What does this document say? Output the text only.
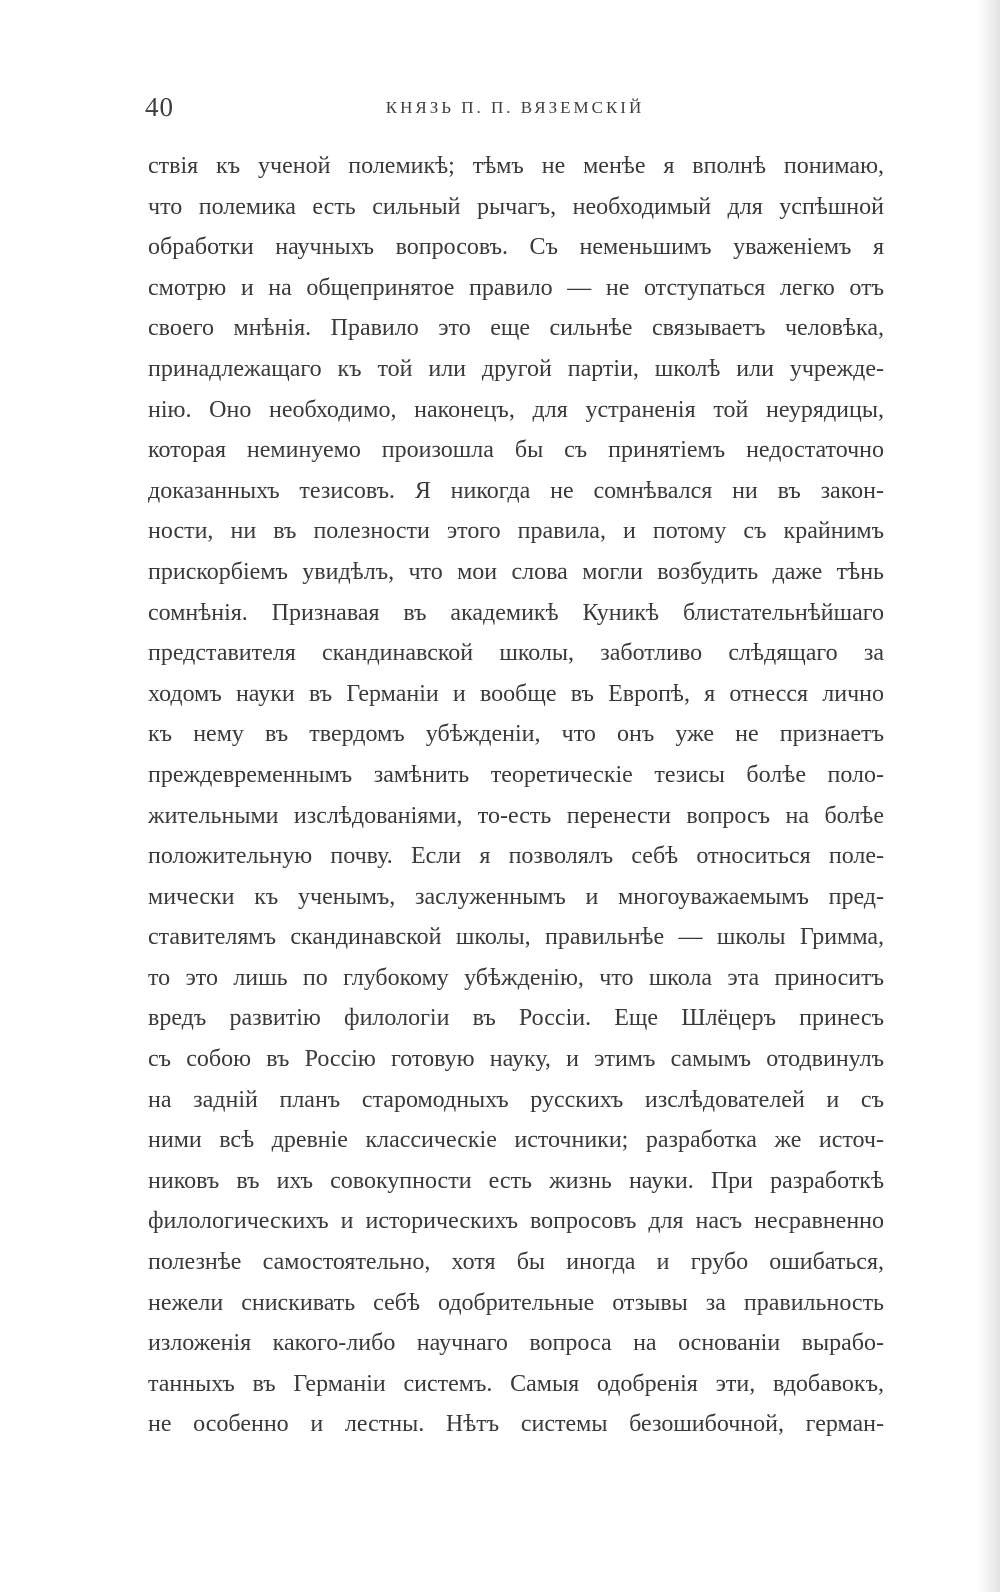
40	КНЯЗЬ П. П. ВЯЗЕМСКІЙ
ствія къ ученой полемикѣ; тѣмъ не менѣе я вполнѣ понимаю,
что полемика есть сильный рычагъ, необходимый для успѣшной
обработки научныхъ вопросовъ. Съ неменьшимъ уваженіемъ я
смотрю и на общепринятое правило — не отступаться легко отъ
своего мнѣнія. Правило это еще сильнѣе связываетъ человѣка,
принадлежащаго къ той или другой партіи, школѣ или учрежде-
нію. Оно необходимо, наконецъ, для устраненія той неурядицы,
которая неминуемо произошла бы съ принятіемъ недостаточно
доказанныхъ тезисовъ. Я никогда не сомнѣвался ни въ закон-
ности, ни въ полезности этого правила, и потому съ крайнимъ
прискорбіемъ увидѣлъ, что мои слова могли возбудить даже тѣнь
сомнѣнія. Признавая въ академикѣ Куникѣ блистательнѣйшаго
представителя скандинавской школы, заботливо слѣдящаго за
ходомъ науки въ Германіи и вообще въ Европѣ, я отнесся лично
къ нему въ твердомъ убѣжденіи, что онъ уже не признаетъ
преждевременнымъ замѣнить теоретическіе тезисы болѣе поло-
жительными изслѣдованіями, то-есть перенести вопросъ на болѣе
положительную почву. Если я позволялъ себѣ относиться поле-
мически къ ученымъ, заслуженнымъ и многоуважаемымъ пред-
ставителямъ скандинавской школы, правильнѣе — школы Гримма,
то это лишь по глубокому убѣжденію, что школа эта приноситъ
вредъ развитію филологіи въ Россіи. Еще Шлёцеръ принесъ
съ собою въ Россію готовую науку, и этимъ самымъ отодвинулъ
на задній планъ старомодныхъ русскихъ изслѣдователей и съ
ними всѣ древніе классическіе источники; разработка же источ-
никовъ въ ихъ совокупности есть жизнь науки. При разработкѣ
филологическихъ и историческихъ вопросовъ для насъ несравненно
полезнѣе самостоятельно, хотя бы иногда и грубо ошибаться,
нежели снискивать себѣ одобрительные отзывы за правильность
изложенія какого-либо научнаго вопроса на основаніи вырабо-
танныхъ въ Германіи системъ. Самыя одобренія эти, вдобавокъ,
не особенно и лестны. Нѣтъ системы безошибочной, герман-
